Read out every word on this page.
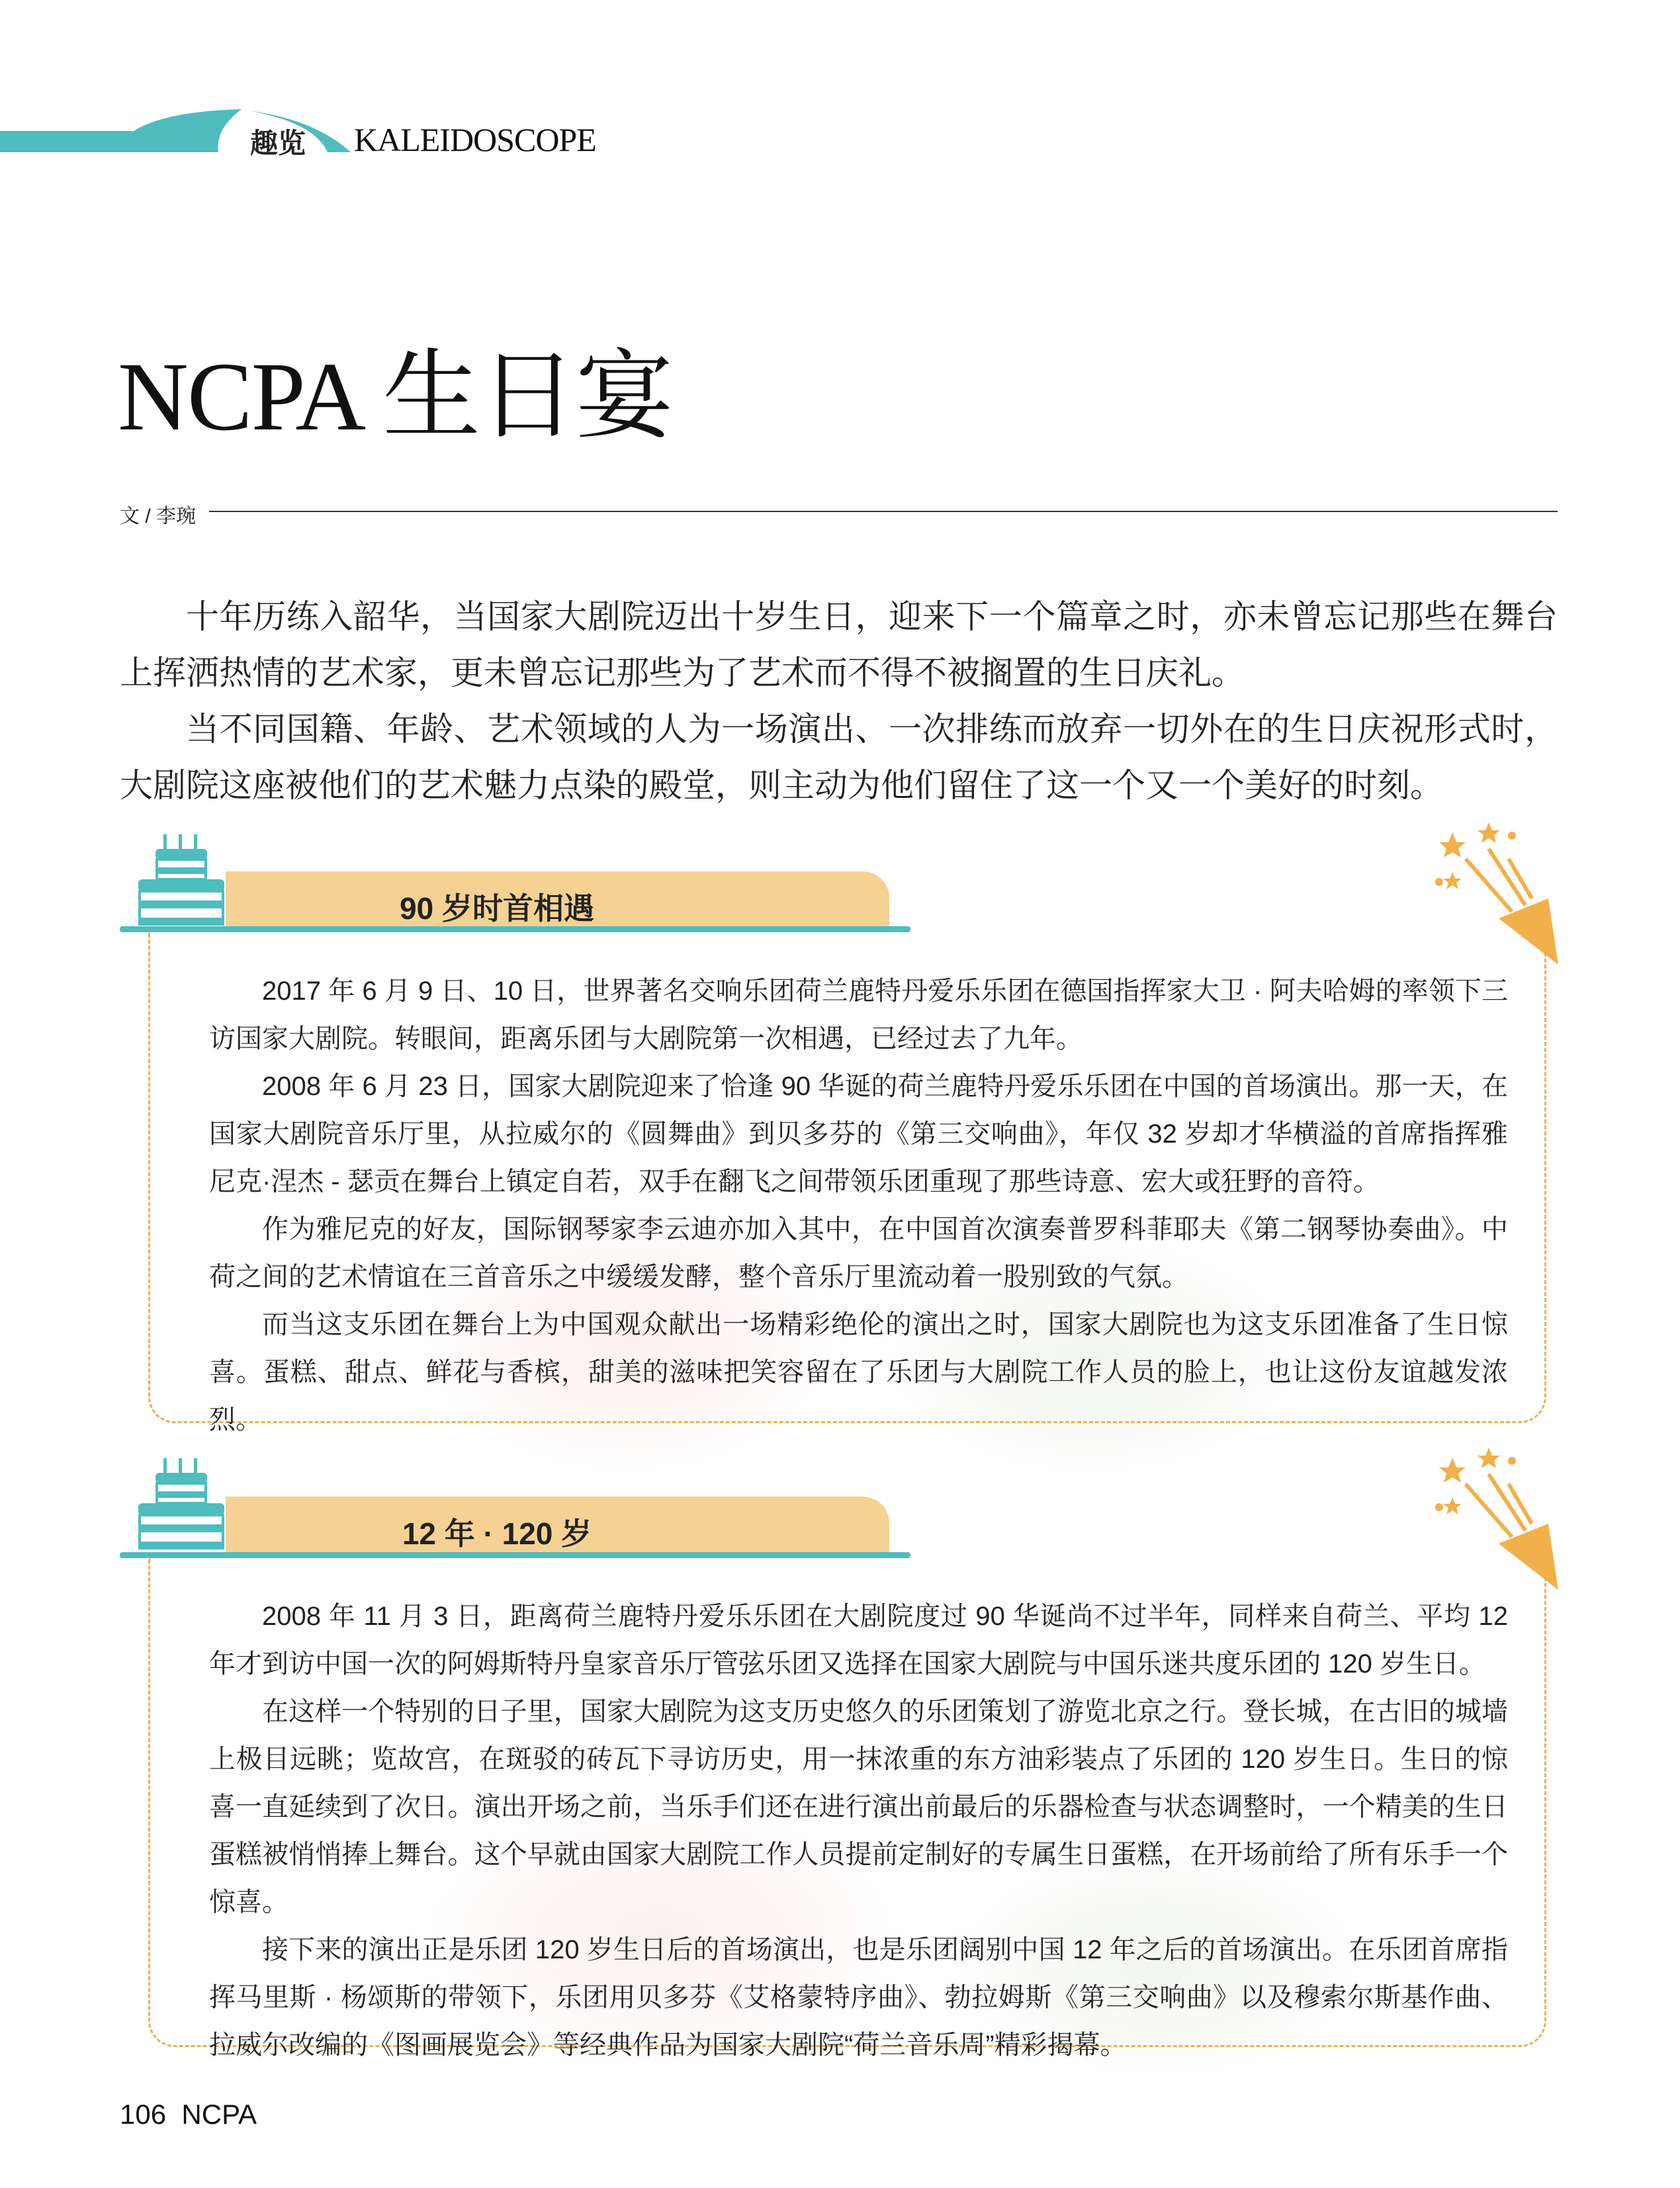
趣览 KALEIDOSCOPE
NCPA 生日宴
文 / 李琬

十年历练入韶华，当国家大剧院迈出十岁生日，迎来下一个篇章之时，亦未曾忘记那些在舞台上挥洒热情的艺术家，更未曾忘记那些为了艺术而不得不被搁置的生日庆礼。

当不同国籍、年龄、艺术领域的人为一场演出、一次排练而放弃一切外在的生日庆祝形式时，大剧院这座被他们的艺术魅力点染的殿堂，则主动为他们留住了这一个又一个美好的时刻。

90 岁时首相遇

2017 年 6 月 9 日、10 日，世界著名交响乐团荷兰鹿特丹爱乐乐团在德国指挥家大卫 · 阿夫哈姆的率领下三访国家大剧院。转眼间，距离乐团与大剧院第一次相遇，已经过去了九年。

2008 年 6 月 23 日，国家大剧院迎来了恰逢 90 华诞的荷兰鹿特丹爱乐乐团在中国的首场演出。那一天，在国家大剧院音乐厅里，从拉威尔的《圆舞曲》到贝多芬的《第三交响曲》，年仅 32 岁却才华横溢的首席指挥雅尼克·涅杰 - 瑟贡在舞台上镇定自若，双手在翻飞之间带领乐团重现了那些诗意、宏大或狂野的音符。

作为雅尼克的好友，国际钢琴家李云迪亦加入其中，在中国首次演奏普罗科菲耶夫《第二钢琴协奏曲》。中荷之间的艺术情谊在三首音乐之中缓缓发酵，整个音乐厅里流动着一股别致的气氛。

而当这支乐团在舞台上为中国观众献出一场精彩绝伦的演出之时，国家大剧院也为这支乐团准备了生日惊喜。蛋糕、甜点、鲜花与香槟，甜美的滋味把笑容留在了乐团与大剧院工作人员的脸上，也让这份友谊越发浓烈。

12 年 · 120 岁

2008 年 11 月 3 日，距离荷兰鹿特丹爱乐乐团在大剧院度过 90 华诞尚不过半年，同样来自荷兰、平均 12 年才到访中国一次的阿姆斯特丹皇家音乐厅管弦乐团又选择在国家大剧院与中国乐迷共度乐团的 120 岁生日。

在这样一个特别的日子里，国家大剧院为这支历史悠久的乐团策划了游览北京之行。登长城，在古旧的城墙上极目远眺；览故宫，在斑驳的砖瓦下寻访历史，用一抹浓重的东方油彩装点了乐团的 120 岁生日。生日的惊喜一直延续到了次日。演出开场之前，当乐手们还在进行演出前最后的乐器检查与状态调整时，一个精美的生日蛋糕被悄悄捧上舞台。这个早就由国家大剧院工作人员提前定制好的专属生日蛋糕，在开场前给了所有乐手一个惊喜。

接下来的演出正是乐团 120 岁生日后的首场演出，也是乐团阔别中国 12 年之后的首场演出。在乐团首席指挥马里斯 · 杨颂斯的带领下，乐团用贝多芬《艾格蒙特序曲》、勃拉姆斯《第三交响曲》以及穆索尔斯基作曲、拉威尔改编的《图画展览会》等经典作品为国家大剧院“荷兰音乐周”精彩揭幕。

106  NCPA
